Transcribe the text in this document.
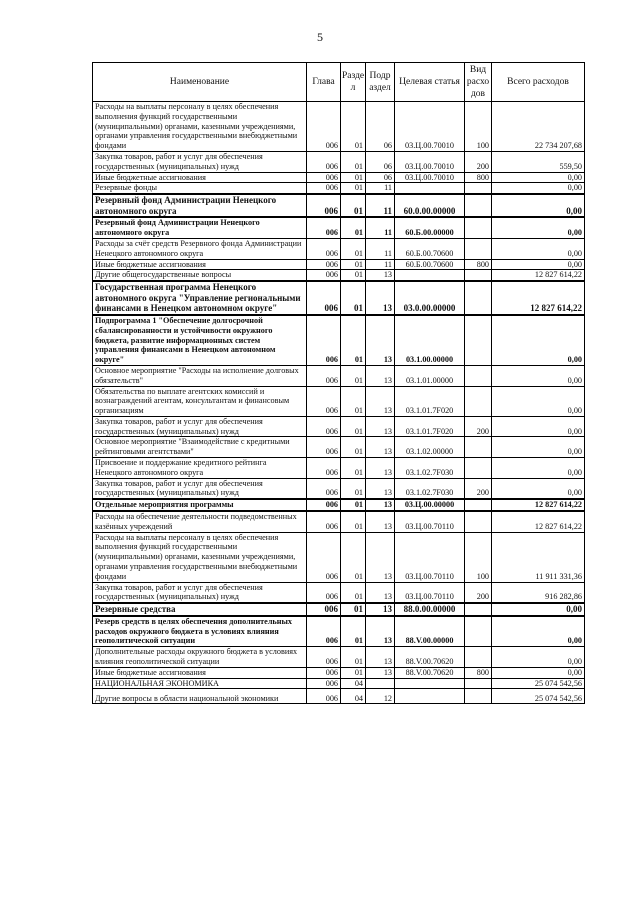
5
Наименование	Глава	Разде л	Подр аздел	Целевая статья	Вид расхо дов	Всего расходов
Расходы на выплаты персоналу в целях обеспечения выполнения функций государственными (муниципальными) органами, казенными учреждениями, органами управления государственными внебюджетными фондами	006	01	06	03.Ц.00.70010	100	22 734 207,68
Закупка товаров, работ и услуг для обеспечения государственных (муниципальных) нужд	006	01	06	03.Ц.00.70010	200	559,50
Иные бюджетные ассигнования	006	01	06	03.Ц.00.70010	800	0,00
Резервные фонды	006	01	11			0,00
Резервный фонд Администрации Ненецкого автономного округа	006	01	11	60.0.00.00000		0,00
Резервный фонд Администрации Ненецкого автономного округа	006	01	11	60.Б.00.00000		0,00
Расходы за счёт средств Резервного фонда Администрации Ненецкого автономного округа	006	01	11	60.Б.00.70600		0,00
Иные бюджетные ассигнования	006	01	11	60.Б.00.70600	800	0,00
Другие общегосударственные вопросы	006	01	13			12 827 614,22
Государственная программа Ненецкого автономного округа "Управление региональными финансами в Ненецком автономном округе"	006	01	13	03.0.00.00000		12 827 614,22
Подпрограмма 1 "Обеспечение долгосрочной сбалансированности и устойчивости окружного бюджета, развитие информационных систем управления финансами в Ненецком автономном округе"	006	01	13	03.1.00.00000		0,00
Основное мероприятие "Расходы на исполнение долговых обязательств"	006	01	13	03.1.01.00000		0,00
Обязательства по выплате агентских комиссий и вознаграждений агентам, консультантам и финансовым организациям	006	01	13	03.1.01.7F020		0,00
Закупка товаров, работ и услуг для обеспечения государственных (муниципальных) нужд	006	01	13	03.1.01.7F020	200	0,00
Основное мероприятие "Взаимодействие с кредитными рейтинговыми агентствами"	006	01	13	03.1.02.00000		0,00
Присвоение и поддержание кредитного рейтинга Ненецкого автономного округа	006	01	13	03.1.02.7F030		0,00
Закупка товаров, работ и услуг для обеспечения государственных (муниципальных) нужд	006	01	13	03.1.02.7F030	200	0,00
Отдельные мероприятия программы	006	01	13	03.Ц.00.00000		12 827 614,22
Расходы на обеспечение деятельности подведомственных казённых учреждений	006	01	13	03.Ц.00.70110		12 827 614,22
Расходы на выплаты персоналу в целях обеспечения выполнения функций государственными (муниципальными) органами, казенными учреждениями, органами управления государственными внебюджетными фондами	006	01	13	03.Ц.00.70110	100	11 911 331,36
Закупка товаров, работ и услуг для обеспечения государственных (муниципальных) нужд	006	01	13	03.Ц.00.70110	200	916 282,86
Резервные средства	006	01	13	88.0.00.00000		0,00
Резерв средств в целях обеспечения дополнительных расходов окружного бюджета в условиях влияния геополитической ситуации	006	01	13	88.V.00.00000		0,00
Дополнительные расходы окружного бюджета в условиях влияния геополитической ситуации	006	01	13	88.V.00.70620		0,00
Иные бюджетные ассигнования	006	01	13	88.V.00.70620	800	0,00
НАЦИОНАЛЬНАЯ ЭКОНОМИКА	006	04				25 074 542,56
Другие вопросы в области национальной экономики	006	04	12			25 074 542,56
